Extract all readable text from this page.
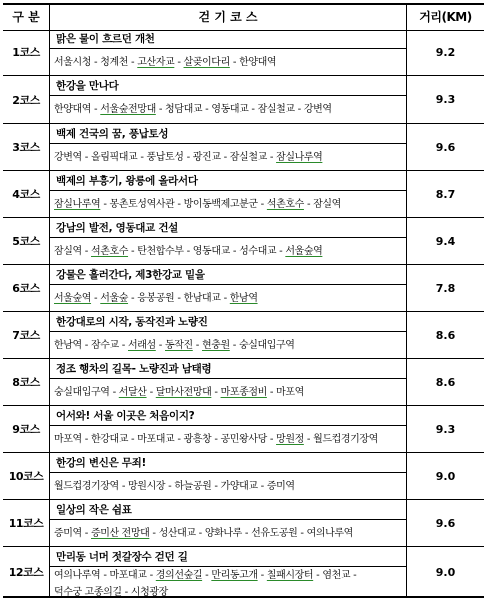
구 분	걷 기 코 스	거리(KM)
1코스
맑은 물이 흐르던 개천
서울시청 - 청계천 - 고산자교 - 살곶이다리 - 한양대역
9.2
2코스
한강을 만나다
한양대역 - 서울숲전망대 - 청담대교 - 영동대교 - 잠실철교 - 강변역
9.3
3코스
백제 건국의 꿈, 풍납토성
강변역 - 올림픽대교 - 풍납토성 - 광진교 - 잠실철교 - 잠실나루역
9.6
4코스
백제의 부흥기, 왕릉에 올라서다
잠실나루역 - 몽촌토성역사관 - 방이동백제고분군 - 석촌호수 - 잠실역
8.7
5코스
강남의 발전, 영동대교 건설
잠실역 - 석촌호수 - 탄천합수부 - 영동대교 - 성수대교 - 서울숲역
9.4
6코스
강물은 흘러간다, 제3한강교 밑을
서울숲역 - 서울숲 - 응봉공원 - 한남대교 - 한남역
7.8
7코스
한강대로의 시작, 동작진과 노량진
한남역 - 잠수교 - 서래섬 - 동작진 - 현충원 - 숭실대입구역
8.6
8코스
정조 행차의 길목- 노량진과 남태령
숭실대입구역 - 서달산 - 달마사전망대 - 마포종점비 - 마포역
8.6
9코스
어서와! 서울 이곳은 처음이지?
마포역 - 한강대교 - 마포대교 - 광흥창 - 공민왕사당 - 망원정 - 월드컵경기장역
9.3
10코스
한강의 변신은 무죄!
월드컵경기장역 - 망원시장 - 하늘공원 - 가양대교 - 증미역
9.0
11코스
일상의 작은 쉼표
증미역 - 증미산 전망대 - 성산대교 - 양화나루 - 선유도공원 - 여의나루역
9.6
12코스
만리동 너머 젓갈장수 걷던 길
여의나루역 - 마포대교 - 경의선숲길 - 만리동고개 - 칠패시장터 - 염천교 -
덕수궁 고종의길 - 시청광장
9.0
